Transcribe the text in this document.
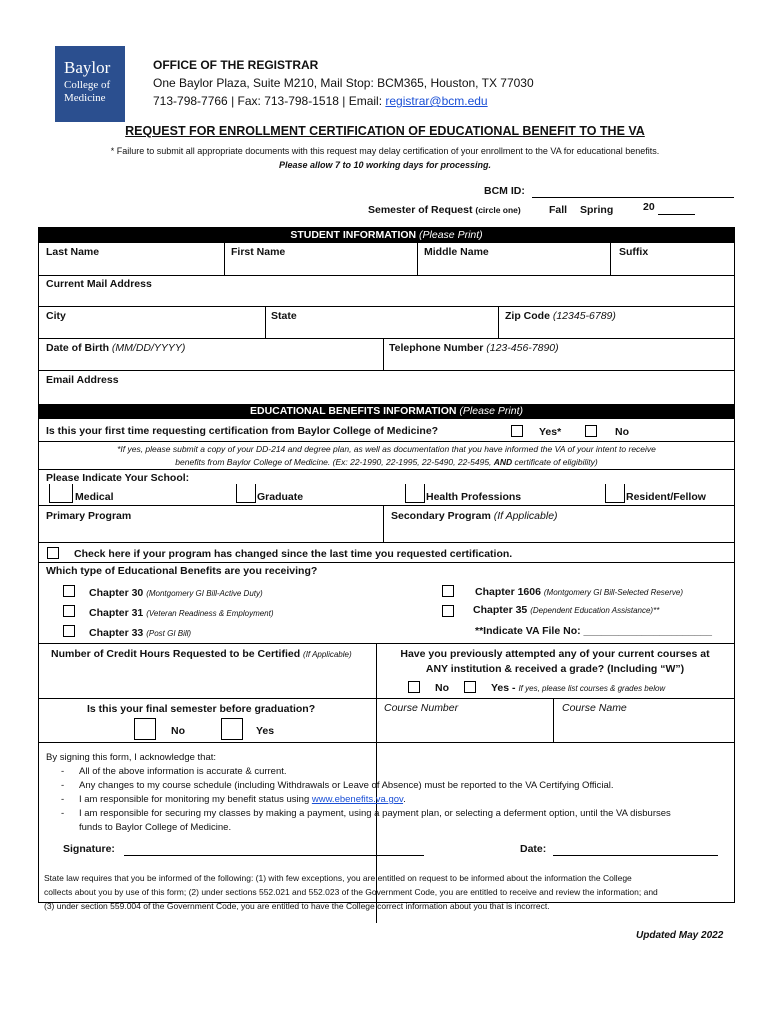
Baylor
College of
Medicine
OFFICE OF THE REGISTRAR
One Baylor Plaza, Suite M210, Mail Stop: BCM365, Houston, TX 77030
713-798-7766 | Fax: 713-798-1518 | Email: registrar@bcm.edu
REQUEST FOR ENROLLMENT CERTIFICATION OF EDUCATIONAL BENEFIT TO THE VA
* Failure to submit all appropriate documents with this request may delay certification of your enrollment to the VA for educational benefits.
Please allow 7 to 10 working days for processing.
BCM ID:
Semester of Request (circle one)	Fall Spring	20
STUDENT INFORMATION (Please Print)
Last Name	First Name	Middle Name	Suffix
Current Mail Address
City	State	Zip Code (12345-6789)
Date of Birth (MM/DD/YYYY)	Telephone Number (123-456-7890)
Email Address
EDUCATIONAL BENEFITS INFORMATION (Please Print)
Is this your first time requesting certification from Baylor College of Medicine?	Yes*	No
*If yes, please submit a copy of your DD-214 and degree plan, as well as documentation that you have informed the VA of your intent to receive
benefits from Baylor College of Medicine. (Ex: 22-1990, 22-1995, 22-5490, 22-5495, AND certificate of eligibility)
Please Indicate Your School:
Medical	Graduate	Health Professions	Resident/Fellow
Primary Program	Secondary Program (If Applicable)
Check here if your program has changed since the last time you requested certification.
Which type of Educational Benefits are you receiving?
Chapter 30 (Montgomery GI Bill-Active Duty)
Chapter 31 (Veteran Readiness & Employment)
Chapter 33 (Post GI Bill)
Chapter 1606 (Montgomery GI Bill-Selected Reserve)
Chapter 35 (Dependent Education Assistance)**
**Indicate VA File No: ______________________
Number of Credit Hours Requested to be Certified (If Applicable)	Have you previously attempted any of your current courses at
ANY institution & received a grade? (Including “W”)
No	Yes - If yes, please list courses & grades below
Is this your final semester before graduation?
No	Yes
Course Number	Course Name
By signing this form, I acknowledge that:
- All of the above information is accurate & current.
- Any changes to my course schedule (including Withdrawals or Leave of Absence) must be reported to the VA Certifying Official.
- I am responsible for monitoring my benefit status using www.ebenefits.va.gov.
- I am responsible for securing my classes by making a payment, using a payment plan, or selecting a deferment option, until the VA disburses
funds to Baylor College of Medicine.
Signature:	Date:
State law requires that you be informed of the following: (1) with few exceptions, you are entitled on request to be informed about the information the College
collects about you by use of this form; (2) under sections 552.021 and 552.023 of the Government Code, you are entitled to receive and review the information; and
(3) under section 559.004 of the Government Code, you are entitled to have the College correct information about you that is incorrect.
Updated May 2022
